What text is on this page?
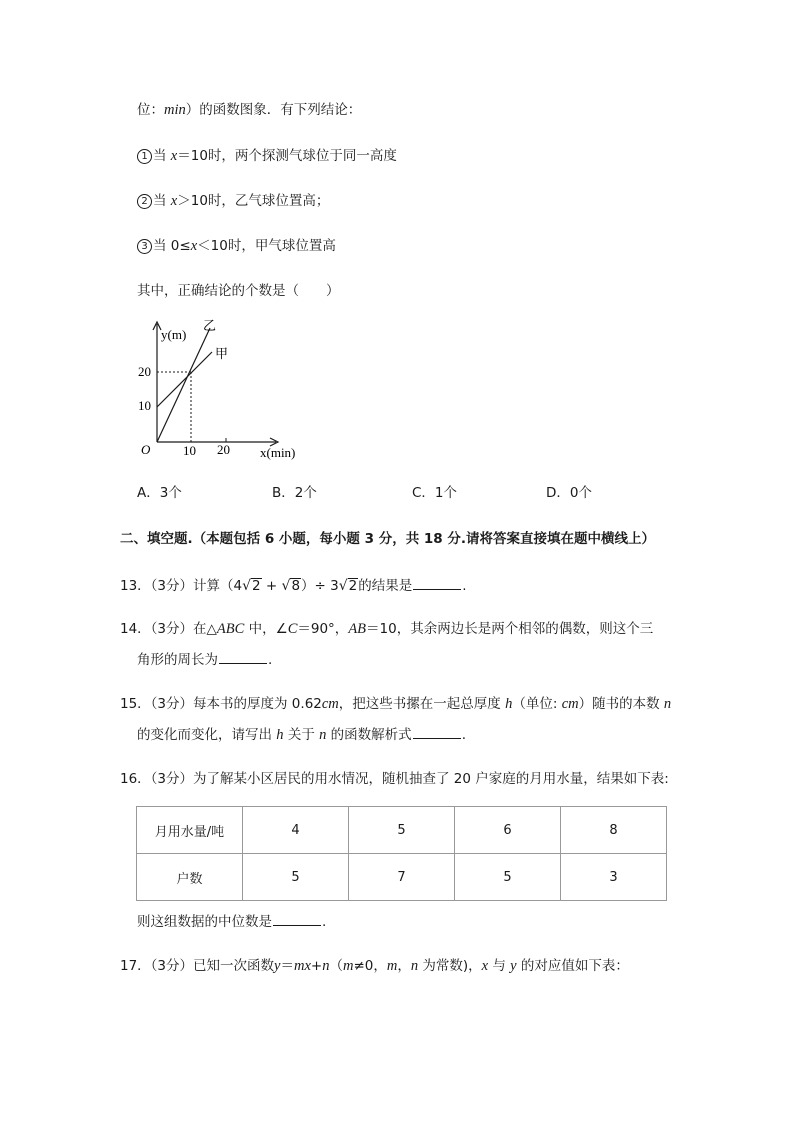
位：min）的函数图象．有下列结论：
1 当 x＝10时，两个探测气球位于同一高度
2 当 x＞10时，乙气球位置高；
3 当 0≤x＜10时，甲气球位置高
其中，正确结论的个数是（　　）
y(m)
x(min)
O
20
10
10 20
乙
甲
A．3个	B．2个	C．1个	D．0个
二、填空题.（本题包括 6 小题，每小题 3 分，共 18 分.请将答案直接填在题中横线上）
13．（3分）计算（4√2 + √8）÷ 3√2的结果是	.
14．（3分）在△ABC 中，∠C＝90°，AB＝10，其余两边长是两个相邻的偶数，则这个三
角形的周长为	.
15．（3分）每本书的厚度为 0.62cm，把这些书摞在一起总厚度 h（单位: cm）随书的本数 n
的变化而变化，请写出 h 关于 n 的函数解析式	.
16．（3分）为了解某小区居民的用水情况，随机抽查了 20 户家庭的月用水量，结果如下表:
月用水量/吨	4	5	6	8
户数	5	7	5	3
则这组数据的中位数是	.
17．（3分）已知一次函数y＝mx+n（m≠0，m，n 为常数)，x 与 y 的对应值如下表：
